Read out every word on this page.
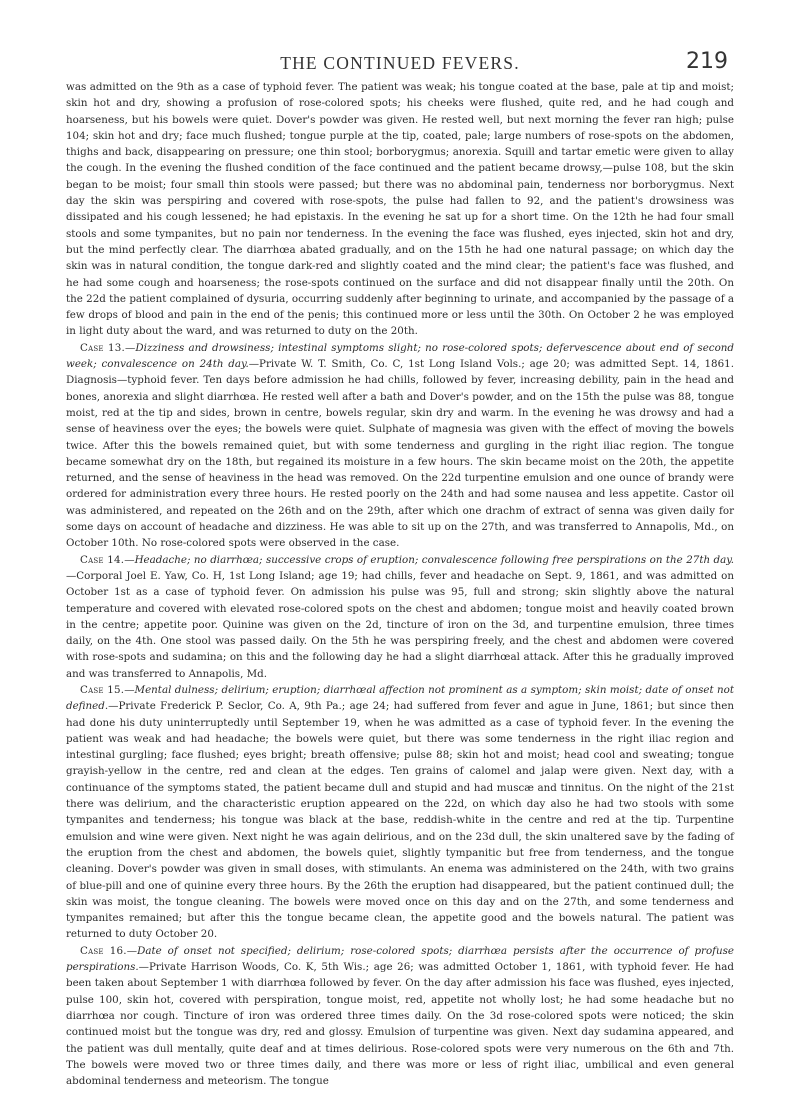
THE CONTINUED FEVERS.	219

was admitted on the 9th as a case of typhoid fever. The patient was weak; his tongue coated at the base, pale at tip and moist; skin hot and dry, showing a profusion of rose-colored spots; his cheeks were flushed, quite red, and he had cough and hoarseness, but his bowels were quiet. Dover's powder was given. He rested well, but next morning the fever ran high; pulse 104; skin hot and dry; face much flushed; tongue purple at the tip, coated, pale; large numbers of rose-spots on the abdomen, thighs and back, disappearing on pressure; one thin stool; borborygmus; anorexia. Squill and tartar emetic were given to allay the cough. In the evening the flushed condition of the face continued and the patient became drowsy,—pulse 108, but the skin began to be moist; four small thin stools were passed; but there was no abdominal pain, tenderness nor borborygmus. Next day the skin was perspiring and covered with rose-spots, the pulse had fallen to 92, and the patient's drowsiness was dissipated and his cough lessened; he had epistaxis. In the evening he sat up for a short time. On the 12th he had four small stools and some tympanites, but no pain nor tenderness. In the evening the face was flushed, eyes injected, skin hot and dry, but the mind perfectly clear. The diarrhœa abated gradually, and on the 15th he had one natural passage; on which day the skin was in natural condition, the tongue dark-red and slightly coated and the mind clear; the patient's face was flushed, and he had some cough and hoarseness; the rose-spots continued on the surface and did not disappear finally until the 20th. On the 22d the patient complained of dysuria, occurring suddenly after beginning to urinate, and accompanied by the passage of a few drops of blood and pain in the end of the penis; this continued more or less until the 30th. On October 2 he was employed in light duty about the ward, and was returned to duty on the 20th.

Case 13.—Dizziness and drowsiness; intestinal symptoms slight; no rose-colored spots; defervescence about end of second week; convalescence on 24th day.—Private W. T. Smith, Co. C, 1st Long Island Vols.; age 20; was admitted Sept. 14, 1861. Diagnosis—typhoid fever. Ten days before admission he had chills, followed by fever, increasing debility, pain in the head and bones, anorexia and slight diarrhœa. He rested well after a bath and Dover's powder, and on the 15th the pulse was 88, tongue moist, red at the tip and sides, brown in centre, bowels regular, skin dry and warm. In the evening he was drowsy and had a sense of heaviness over the eyes; the bowels were quiet. Sulphate of magnesia was given with the effect of moving the bowels twice. After this the bowels remained quiet, but with some tenderness and gurgling in the right iliac region. The tongue became somewhat dry on the 18th, but regained its moisture in a few hours. The skin became moist on the 20th, the appetite returned, and the sense of heaviness in the head was removed. On the 22d turpentine emulsion and one ounce of brandy were ordered for administration every three hours. He rested poorly on the 24th and had some nausea and less appetite. Castor oil was administered, and repeated on the 26th and on the 29th, after which one drachm of extract of senna was given daily for some days on account of headache and dizziness. He was able to sit up on the 27th, and was transferred to Annapolis, Md., on October 10th. No rose-colored spots were observed in the case.

Case 14.—Headache; no diarrhœa; successive crops of eruption; convalescence following free perspirations on the 27th day.—Corporal Joel E. Yaw, Co. H, 1st Long Island; age 19; had chills, fever and headache on Sept. 9, 1861, and was admitted on October 1st as a case of typhoid fever. On admission his pulse was 95, full and strong; skin slightly above the natural temperature and covered with elevated rose-colored spots on the chest and abdomen; tongue moist and heavily coated brown in the centre; appetite poor. Quinine was given on the 2d, tincture of iron on the 3d, and turpentine emulsion, three times daily, on the 4th. One stool was passed daily. On the 5th he was perspiring freely, and the chest and abdomen were covered with rose-spots and sudamina; on this and the following day he had a slight diarrhœal attack. After this he gradually improved and was transferred to Annapolis, Md.

Case 15.—Mental dulness; delirium; eruption; diarrhœal affection not prominent as a symptom; skin moist; date of onset not defined.—Private Frederick P. Seclor, Co. A, 9th Pa.; age 24; had suffered from fever and ague in June, 1861; but since then had done his duty uninterruptedly until September 19, when he was admitted as a case of typhoid fever. In the evening the patient was weak and had headache; the bowels were quiet, but there was some tenderness in the right iliac region and intestinal gurgling; face flushed; eyes bright; breath offensive; pulse 88; skin hot and moist; head cool and sweating; tongue grayish-yellow in the centre, red and clean at the edges. Ten grains of calomel and jalap were given. Next day, with a continuance of the symptoms stated, the patient became dull and stupid and had muscæ and tinnitus. On the night of the 21st there was delirium, and the characteristic eruption appeared on the 22d, on which day also he had two stools with some tympanites and tenderness; his tongue was black at the base, reddish-white in the centre and red at the tip. Turpentine emulsion and wine were given. Next night he was again delirious, and on the 23d dull, the skin unaltered save by the fading of the eruption from the chest and abdomen, the bowels quiet, slightly tympanitic but free from tenderness, and the tongue cleaning. Dover's powder was given in small doses, with stimulants. An enema was administered on the 24th, with two grains of blue-pill and one of quinine every three hours. By the 26th the eruption had disappeared, but the patient continued dull; the skin was moist, the tongue cleaning. The bowels were moved once on this day and on the 27th, and some tenderness and tympanites remained; but after this the tongue became clean, the appetite good and the bowels natural. The patient was returned to duty October 20.

Case 16.—Date of onset not specified; delirium; rose-colored spots; diarrhœa persists after the occurrence of profuse perspirations.—Private Harrison Woods, Co. K, 5th Wis.; age 26; was admitted October 1, 1861, with typhoid fever. He had been taken about September 1 with diarrhœa followed by fever. On the day after admission his face was flushed, eyes injected, pulse 100, skin hot, covered with perspiration, tongue moist, red, appetite not wholly lost; he had some headache but no diarrhœa nor cough. Tincture of iron was ordered three times daily. On the 3d rose-colored spots were noticed; the skin continued moist but the tongue was dry, red and glossy. Emulsion of turpentine was given. Next day sudamina appeared, and the patient was dull mentally, quite deaf and at times delirious. Rose-colored spots were very numerous on the 6th and 7th. The bowels were moved two or three times daily, and there was more or less of right iliac, umbilical and even general abdominal tenderness and meteorism. The tongue
